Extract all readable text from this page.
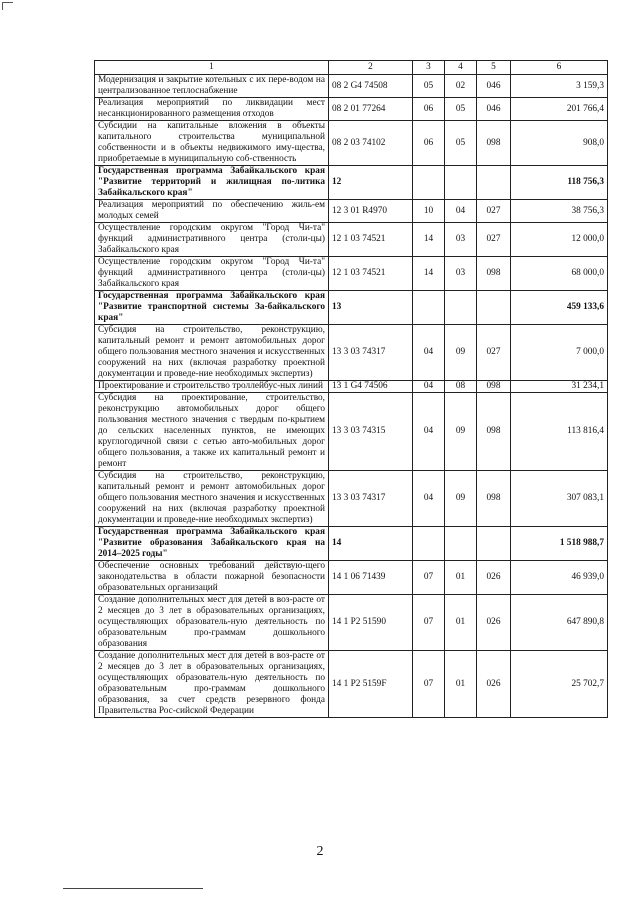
1	2	3	4	5	6
Модернизация и закрытие котельных с их пере-водом на централизованное теплоснабжение	08 2 G4 74508	05	02	046	3 159,3
Реализация мероприятий по ликвидации мест несанкционированного размещения отходов	08 2 01 77264	06	05	046	201 766,4
Субсидии на капитальные вложения в объекты капитального строительства муниципальной собственности и в объекты недвижимого иму-щества, приобретаемые в муниципальную соб-ственность	08 2 03 74102	06	05	098	908,0
Государственная программа Забайкальского края "Развитие территорий и жилищная по-литика Забайкальского края"	12				118 756,3
Реализация мероприятий по обеспечению жиль-ем молодых семей	12 3 01 R4970	10	04	027	38 756,3
Осуществление городским округом "Город Чи-та" функций административного центра (столи-цы) Забайкальского края	12 1 03 74521	14	03	027	12 000,0
Осуществление городским округом "Город Чи-та" функций административного центра (столи-цы) Забайкальского края	12 1 03 74521	14	03	098	68 000,0
Государственная программа Забайкальского края "Развитие транспортной системы За-байкальского края"	13				459 133,6
Субсидия на строительство, реконструкцию, капитальный ремонт и ремонт автомобильных дорог общего пользования местного значения и искусственных сооружений на них (включая разработку проектной документации и проведе-ние необходимых экспертиз)	13 3 03 74317	04	09	027	7 000,0
Проектирование и строительство троллейбус-ных линий	13 1 G4 74506	04	08	098	31 234,1
Субсидия на проектирование, строительство, реконструкцию автомобильных дорог общего пользования местного значения с твердым по-крытием до сельских населенных пунктов, не имеющих круглогодичной связи с сетью авто-мобильных дорог общего пользования, а также их капитальный ремонт и ремонт	13 3 03 74315	04	09	098	113 816,4
Субсидия на строительство, реконструкцию, капитальный ремонт и ремонт автомобильных дорог общего пользования местного значения и искусственных сооружений на них (включая разработку проектной документации и проведе-ние необходимых экспертиз)	13 3 03 74317	04	09	098	307 083,1
Государственная программа Забайкальского края "Развитие образования Забайкальского края на 2014–2025 годы"	14				1 518 988,7
Обеспечение основных требований действую-щего законодательства в области пожарной безопасности образовательных организаций	14 1 06 71439	07	01	026	46 939,0
Создание дополнительных мест для детей в воз-расте от 2 месяцев до 3 лет в образовательных организациях, осуществляющих образователь-ную деятельность по образовательным про-граммам дошкольного образования	14 1 P2 51590	07	01	026	647 890,8
Создание дополнительных мест для детей в воз-расте от 2 месяцев до 3 лет в образовательных организациях, осуществляющих образователь-ную деятельность по образовательным про-граммам дошкольного образования, за счет средств резервного фонда Правительства Рос-сийской Федерации	14 1 P2 5159F	07	01	026	25 702,7
2
